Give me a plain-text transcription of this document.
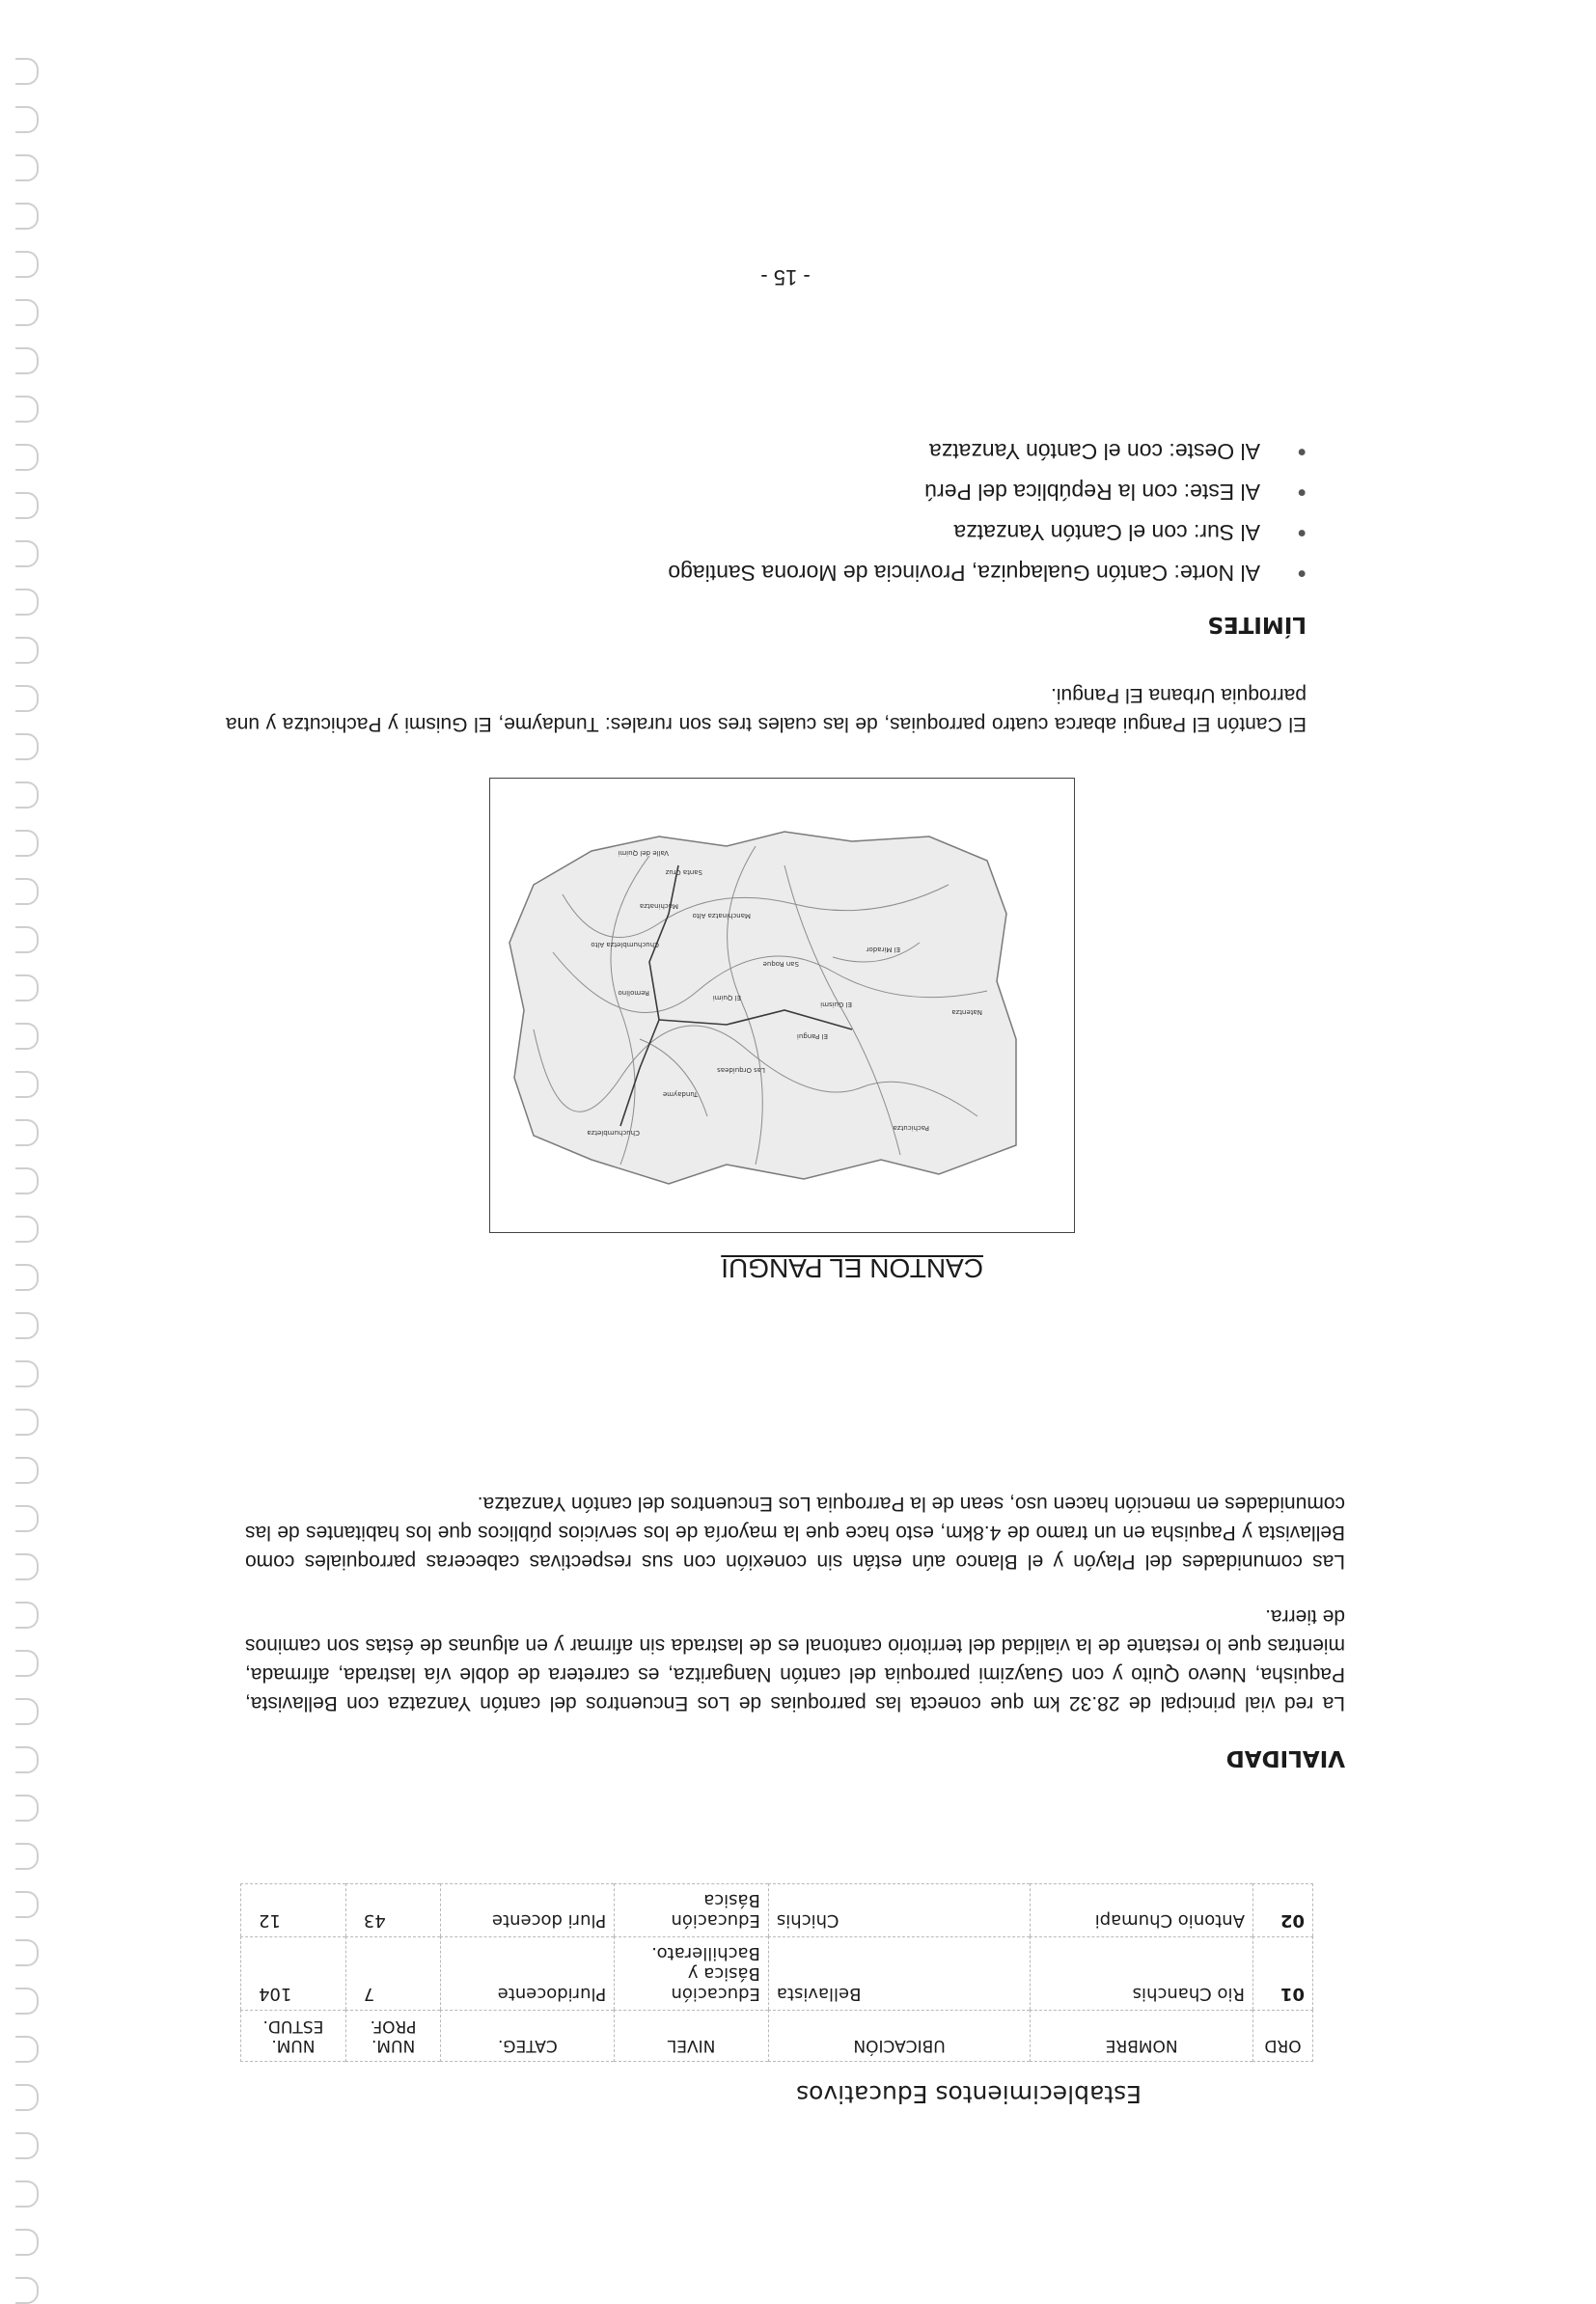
Establecimientos Educativos
ORD	NOMBRE	UBICACIÓN	NIVEL	CATEG.	NUM. PROF.	NUM. ESTUD.
01	Rio Chanchis	Bellavista	Educación Básica y Bachillerato.	Pluridocente	7	104
02	Antonio Chumapi	Chichis	Educación Básica	Pluri docente	43	12
VIALIDAD

La red vial principal de 28.32 km que conecta las parroquias de Los Encuentros del cantón Yanzatza con Bellavista, Paquisha, Nuevo Quito y con Guayzimi parroquia del cantón Nangaritza, es carretera de doble vía lastrada, afirmada, mientras que lo restante de la vialidad del territorio cantonal es de lastrada sin afirmar y en algunas de éstas son caminos de tierra.

Las comunidades del Playón y el Blanco aún están sin conexión con sus respectivas cabeceras parroquiales como Bellavista y Paquisha en un tramo de 4.8km, esto hace que la mayoría de los servicios públicos que los habitantes de las comunidades en mención hacen uso, sean de la Parroquia Los Encuentros del cantón Yanzatza.

CANTON EL PANGUI
Pachicutza
El Pangui
Tundayme
El Guismi
Chuchumbletza
Las Orquídeas
San Roque
El Mirador
Remolino
Chuchumbletza Alto
El Quimi
Machinatza
Santa Cruz
Manchinatza Alto
Valle del Quimi
Natentza

El Cantón El Pangui abarca cuatro parroquias, de las cuales tres son rurales: Tundayme, El Guismi y Pachicutza y una parroquia Urbana El Pangui.

LÍMITES
●
Al Norte: Cantón Gualaquiza, Provincia de Morona Santiago
●
Al Sur: con el Cantón Yanzatza
●
Al Este: con la República del Perú
●
Al Oeste: con el Cantón Yanzatza
- 15 -
